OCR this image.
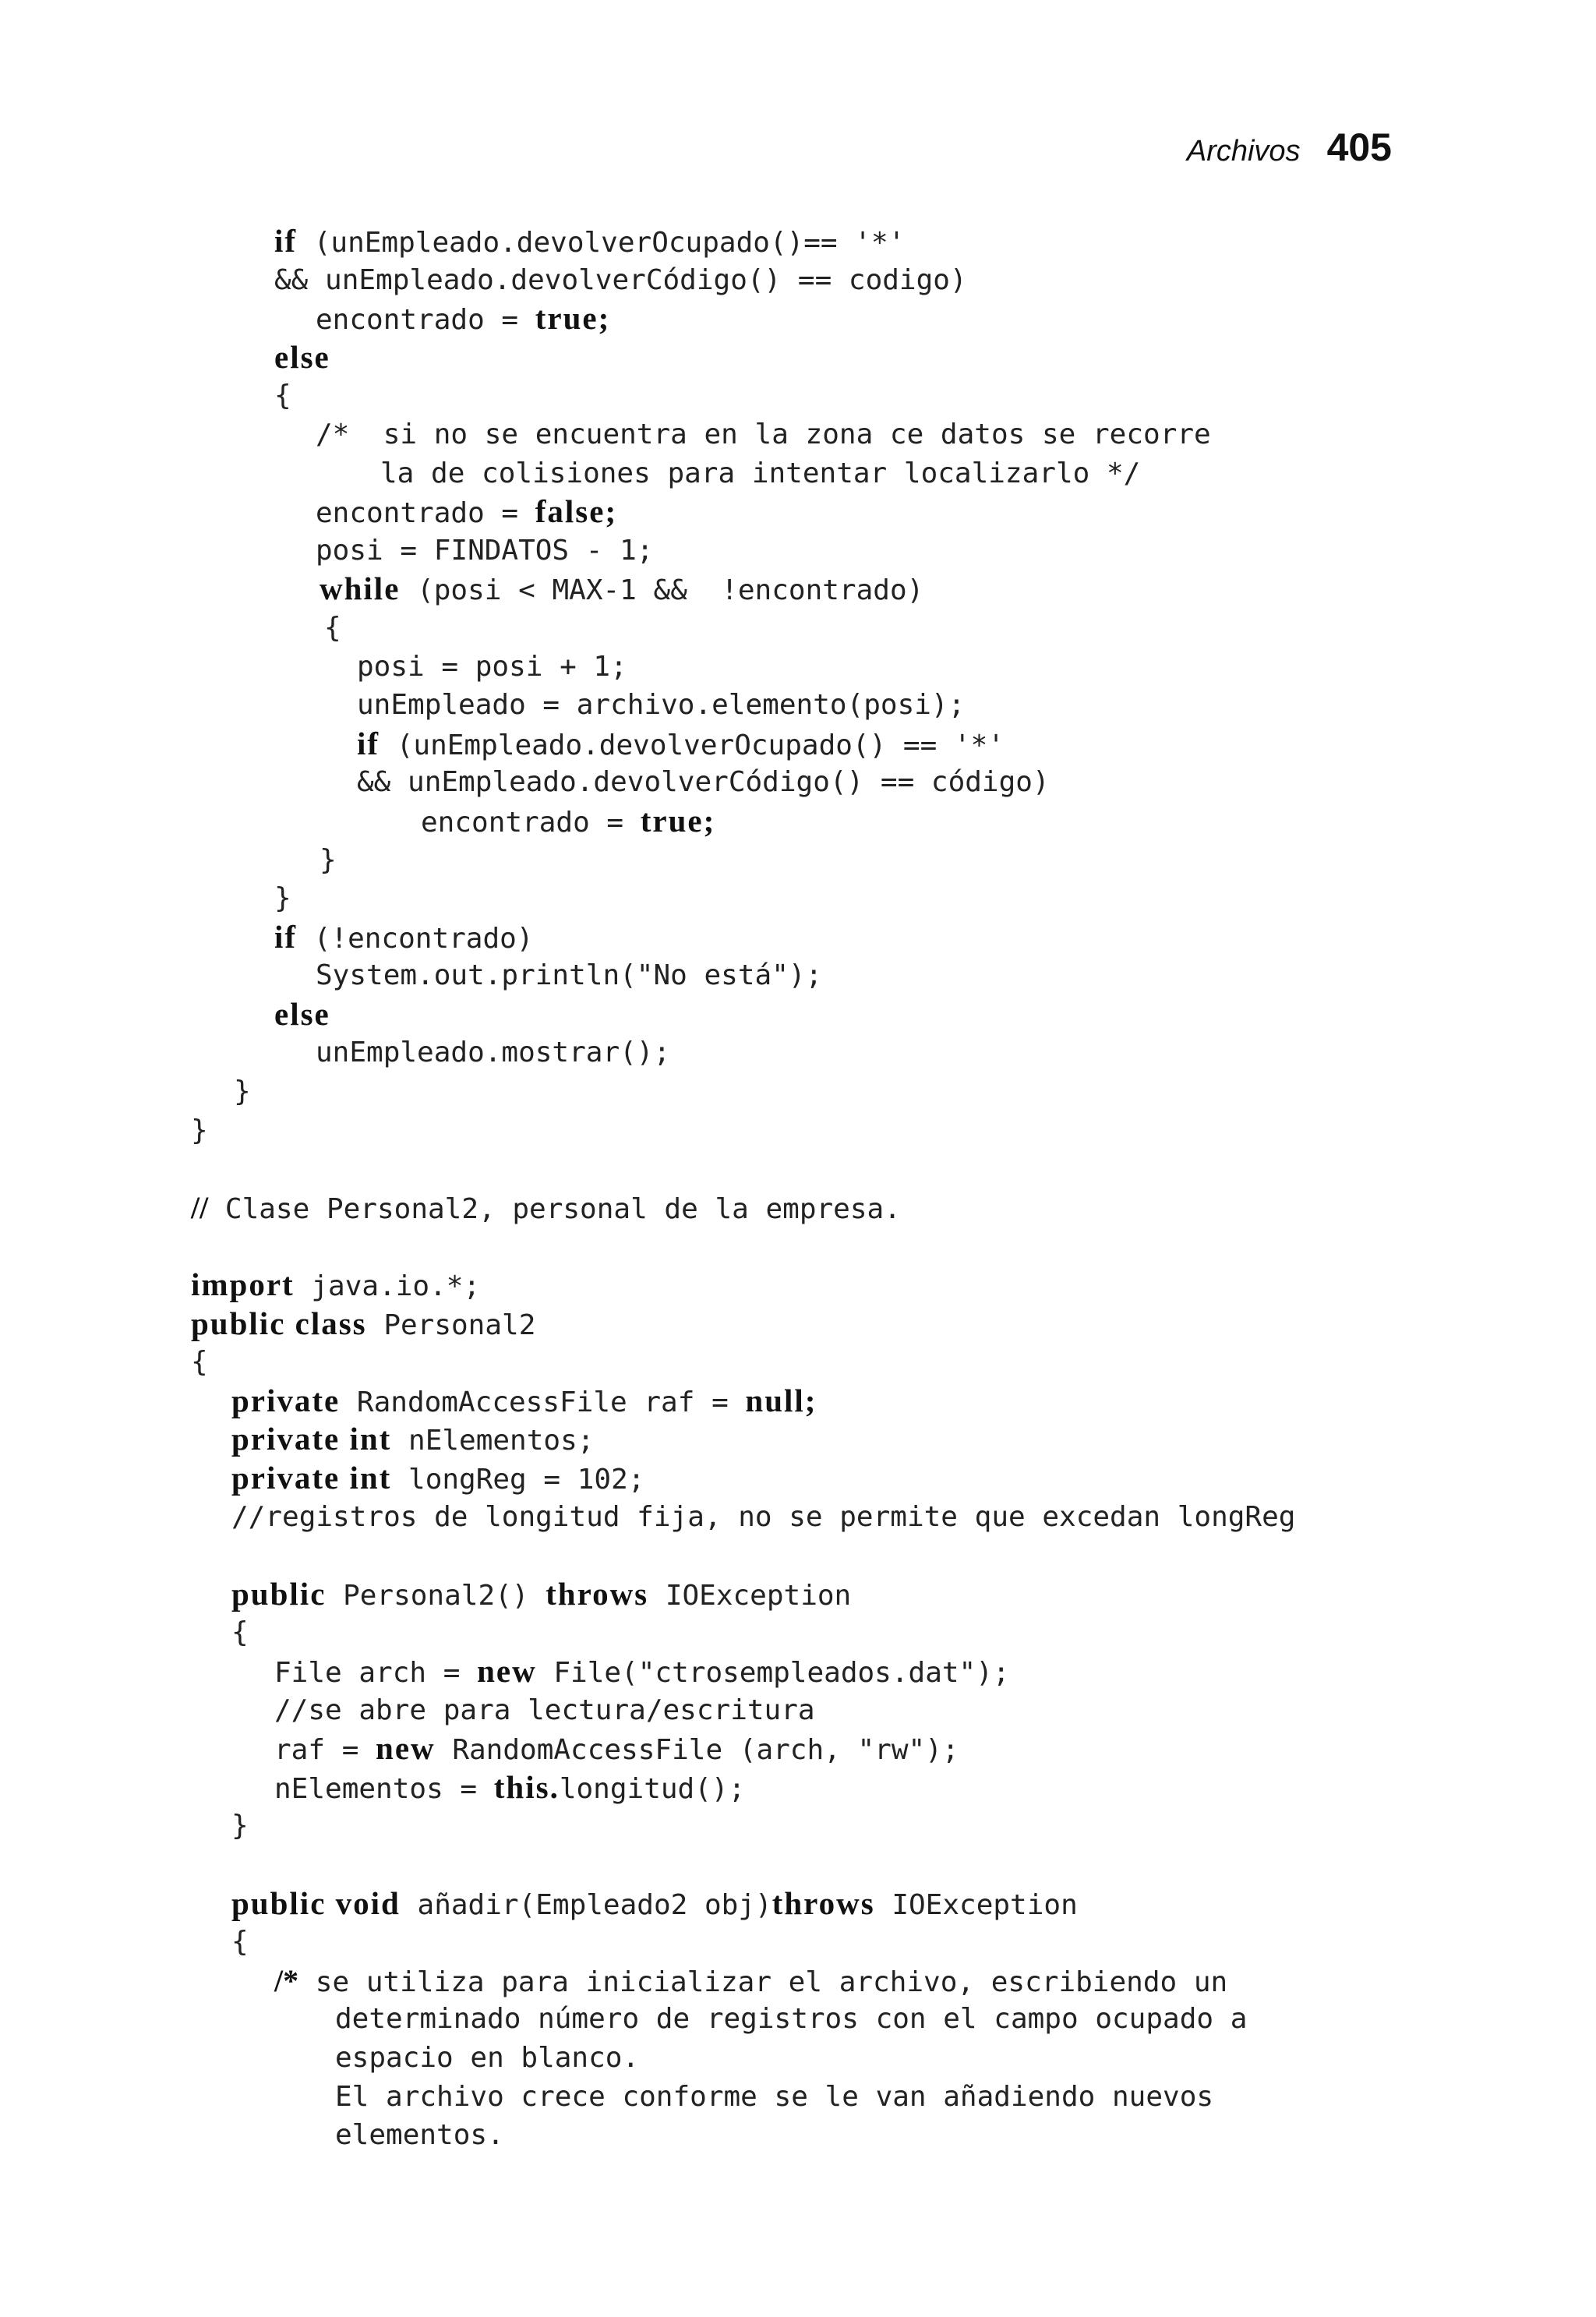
Archivos 405
if (unEmpleado.devolverOcupado()== '*'
&& unEmpleado.devolverCódigo() == codigo)
encontrado = true;
else
{
/*  si no se encuentra en la zona ce datos se recorre
la de colisiones para intentar localizarlo */
encontrado = false;
posi = FINDATOS - 1;
while (posi < MAX-1 &&  !encontrado)
{
posi = posi + 1;
unEmpleado = archivo.elemento(posi);
if (unEmpleado.devolverOcupado() == '*'
&& unEmpleado.devolverCódigo() == código)
encontrado = true;
}
}
if (!encontrado)
System.out.println("No está");
else
unEmpleado.mostrar();
}
}
// Clase Personal2, personal de la empresa.
import java.io.*;
public class Personal2
{
private RandomAccessFile raf = null;
private int nElementos;
private int longReg = 102;
//registros de longitud fija, no se permite que excedan longReg
public Personal2() throws IOException
{
File arch = new File("ctrosempleados.dat");
//se abre para lectura/escritura
raf = new RandomAccessFile (arch, "rw");
nElementos = this.longitud();
}
public void añadir(Empleado2 obj)throws IOException
{
/* se utiliza para inicializar el archivo, escribiendo un
determinado número de registros con el campo ocupado a
espacio en blanco.
El archivo crece conforme se le van añadiendo nuevos
elementos.
